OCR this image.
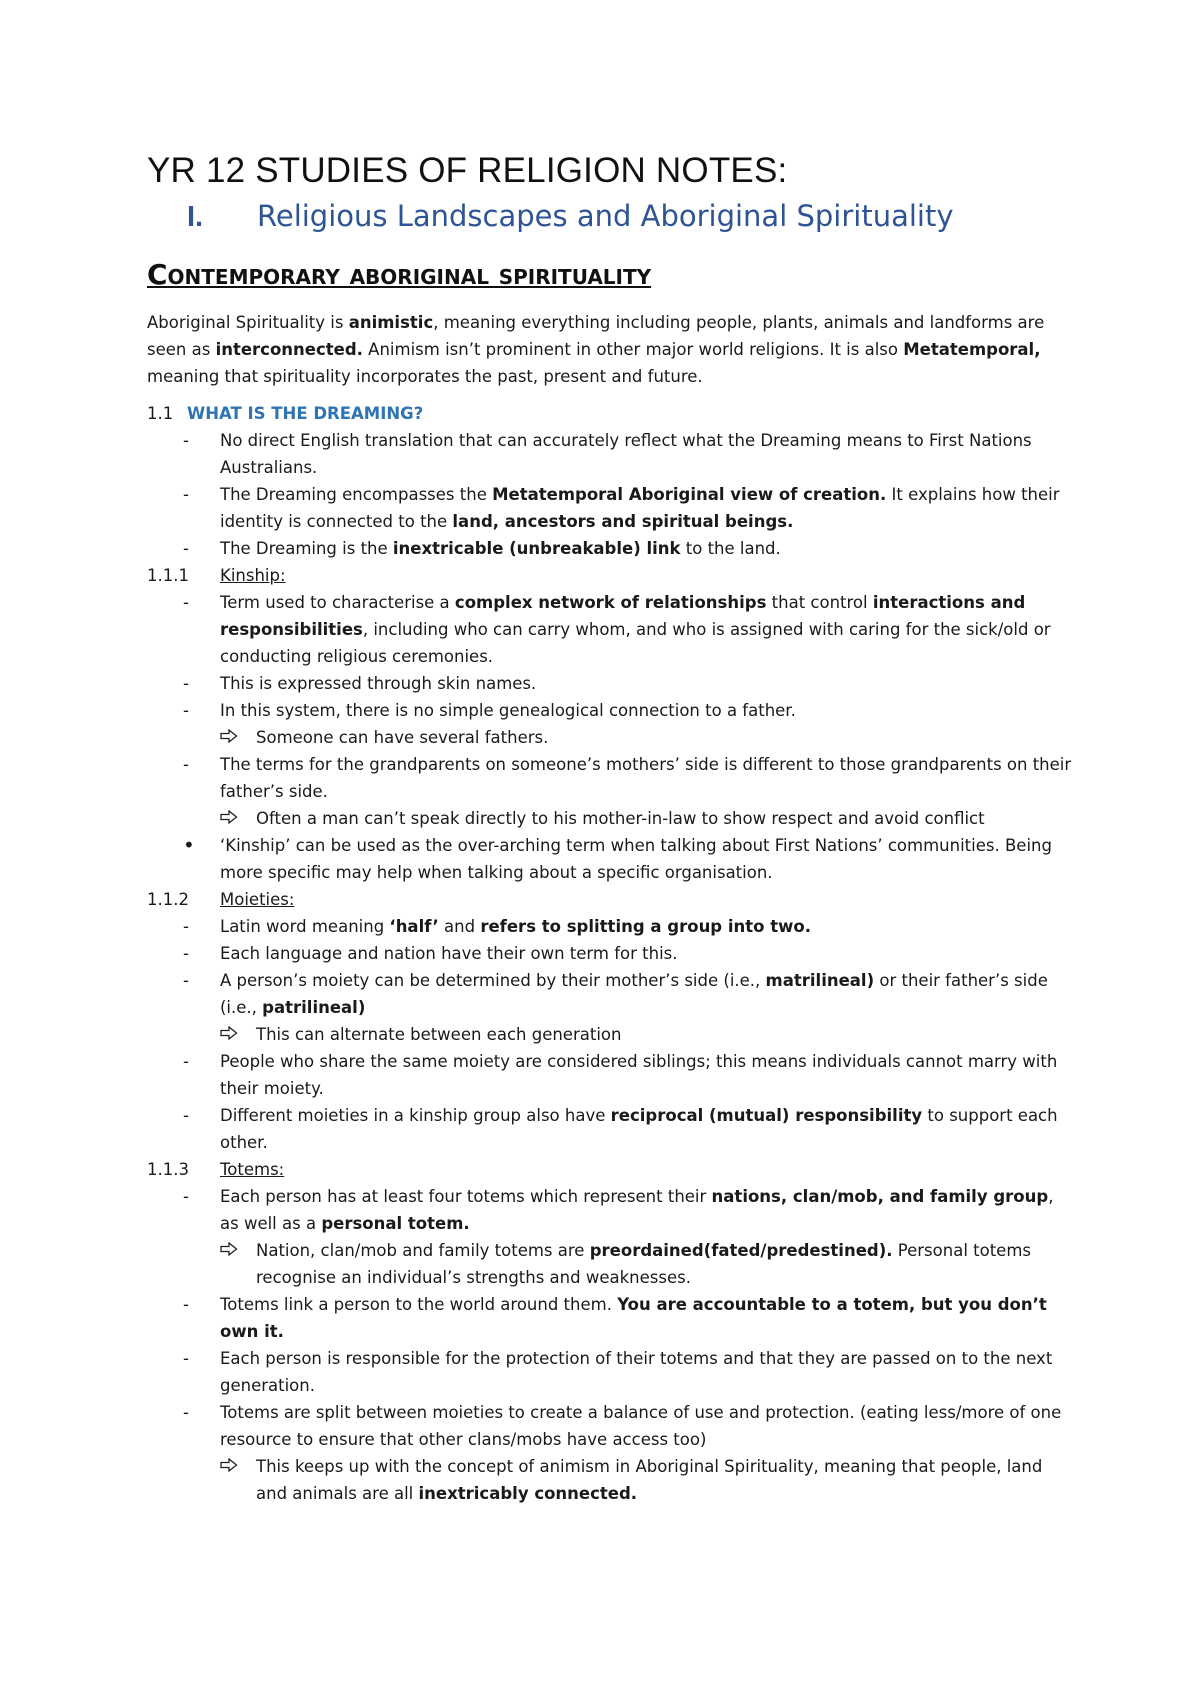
YR 12 STUDIES OF RELIGION NOTES:
I. Religious Landscapes and Aboriginal Spirituality
Contemporary aboriginal spirituality

Aboriginal Spirituality is animistic, meaning everything including people, plants, animals and landforms are seen as interconnected. Animism isn’t prominent in other major world religions. It is also Metatemporal, meaning that spirituality incorporates the past, present and future.

1.1 WHAT IS THE DREAMING?
-	No direct English translation that can accurately reflect what the Dreaming means to First Nations Australians.
-	The Dreaming encompasses the Metatemporal Aboriginal view of creation. It explains how their identity is connected to the land, ancestors and spiritual beings.
-	The Dreaming is the inextricable (unbreakable) link to the land.
1.1.1	Kinship:
-	Term used to characterise a complex network of relationships that control interactions and responsibilities, including who can carry whom, and who is assigned with caring for the sick/old or conducting religious ceremonies.
-	This is expressed through skin names.
-	In this system, there is no simple genealogical connection to a father.
Someone can have several fathers.
-	The terms for the grandparents on someone’s mothers’ side is different to those grandparents on their father’s side.
Often a man can’t speak directly to his mother-in-law to show respect and avoid conflict
•	‘Kinship’ can be used as the over-arching term when talking about First Nations’ communities. Being more specific may help when talking about a specific organisation.
1.1.2	Moieties:
-	Latin word meaning ‘half’ and refers to splitting a group into two.
-	Each language and nation have their own term for this.
-	A person’s moiety can be determined by their mother’s side (i.e., matrilineal) or their father’s side (i.e., patrilineal)
This can alternate between each generation
-	People who share the same moiety are considered siblings; this means individuals cannot marry with their moiety.
-	Different moieties in a kinship group also have reciprocal (mutual) responsibility to support each other.
1.1.3	Totems:
-	Each person has at least four totems which represent their nations, clan/mob, and family group, as well as a personal totem.
Nation, clan/mob and family totems are preordained(fated/predestined). Personal totems recognise an individual’s strengths and weaknesses.
-	Totems link a person to the world around them. You are accountable to a totem, but you don’t own it.
-	Each person is responsible for the protection of their totems and that they are passed on to the next generation.
-	Totems are split between moieties to create a balance of use and protection. (eating less/more of one resource to ensure that other clans/mobs have access too)
This keeps up with the concept of animism in Aboriginal Spirituality, meaning that people, land and animals are all inextricably connected.
